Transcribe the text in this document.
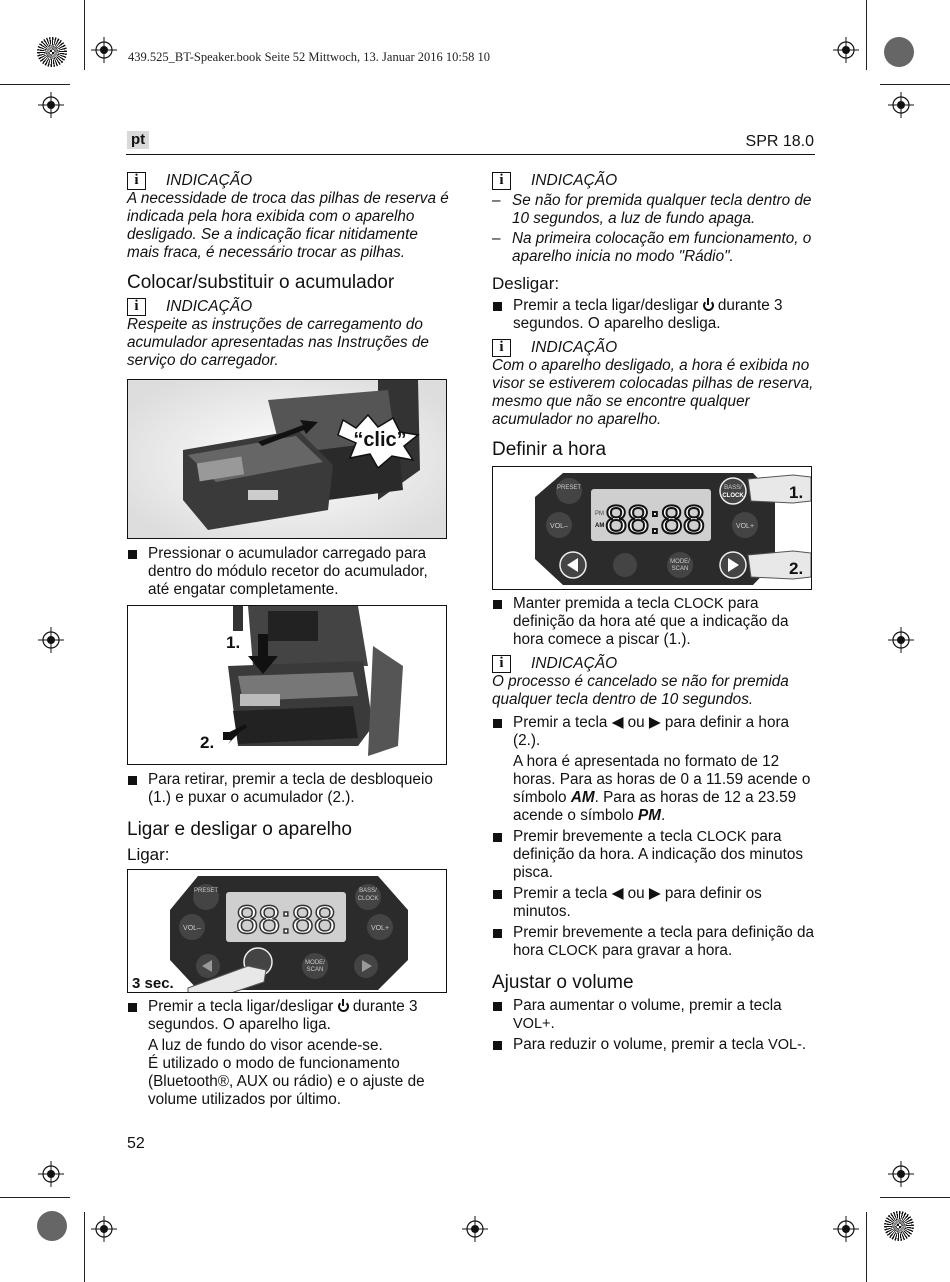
439.525_BT-Speaker.book Seite 52 Mittwoch, 13. Januar 2016 10:58 10
pt	SPR 18.0
i	INDICAÇÃO
A necessidade de troca das pilhas de reserva é indicada pela hora exibida com o aparelho desligado. Se a indicação ficar nitidamente mais fraca, é necessário trocar as pilhas.
Colocar/substituir o acumulador
i	INDICAÇÃO
Respeite as instruções de carregamento do acumulador apresentadas nas Instruções de serviço do carregador.
“clic”
Pressionar o acumulador carregado para dentro do módulo recetor do acumulador, até engatar completamente.
1.
2.
Para retirar, premir a tecla de desbloqueio (1.) e puxar o acumulador (2.).
Ligar e desligar o aparelho
Ligar:
88:88
PRESET	BASS/
CLOCK
VOL–	VOL+
MODE/
SCAN
3 sec.
Premir a tecla ligar/desligar durante 3 segundos. O aparelho liga.
A luz de fundo do visor acende-se.
É utilizado o modo de funcionamento (Bluetooth®, AUX ou rádio) e o ajuste de volume utilizados por último.
i	INDICAÇÃO
– Se não for premida qualquer tecla dentro de 10 segundos, a luz de fundo apaga.
– Na primeira colocação em funcionamento, o aparelho inicia no modo "Rádio".
Desligar:
Premir a tecla ligar/desligar durante 3 segundos. O aparelho desliga.
i	INDICAÇÃO
Com o aparelho desligado, a hora é exibida no visor se estiverem colocadas pilhas de reserva, mesmo que não se encontre qualquer acumulador no aparelho.
Definir a hora
PM
AM 88:88
PRESET	BASS/
CLOCK
VOL–	VOL+
MODE/
SCAN
1.
2.
Manter premida a tecla CLOCK para definição da hora até que a indicação da hora comece a piscar (1.).
i	INDICAÇÃO
O processo é cancelado se não for premida qualquer tecla dentro de 10 segundos.
Premir a tecla ◀ ou ▶ para definir a hora (2.).
A hora é apresentada no formato de 12 horas. Para as horas de 0 a 11.59 acende o símbolo AM. Para as horas de 12 a 23.59 acende o símbolo PM.
Premir brevemente a tecla CLOCK para definição da hora. A indicação dos minutos pisca.
Premir a tecla ◀ ou ▶ para definir os minutos.
Premir brevemente a tecla para definição da hora CLOCK para gravar a hora.
Ajustar o volume
Para aumentar o volume, premir a tecla VOL+.
Para reduzir o volume, premir a tecla VOL-.
52
